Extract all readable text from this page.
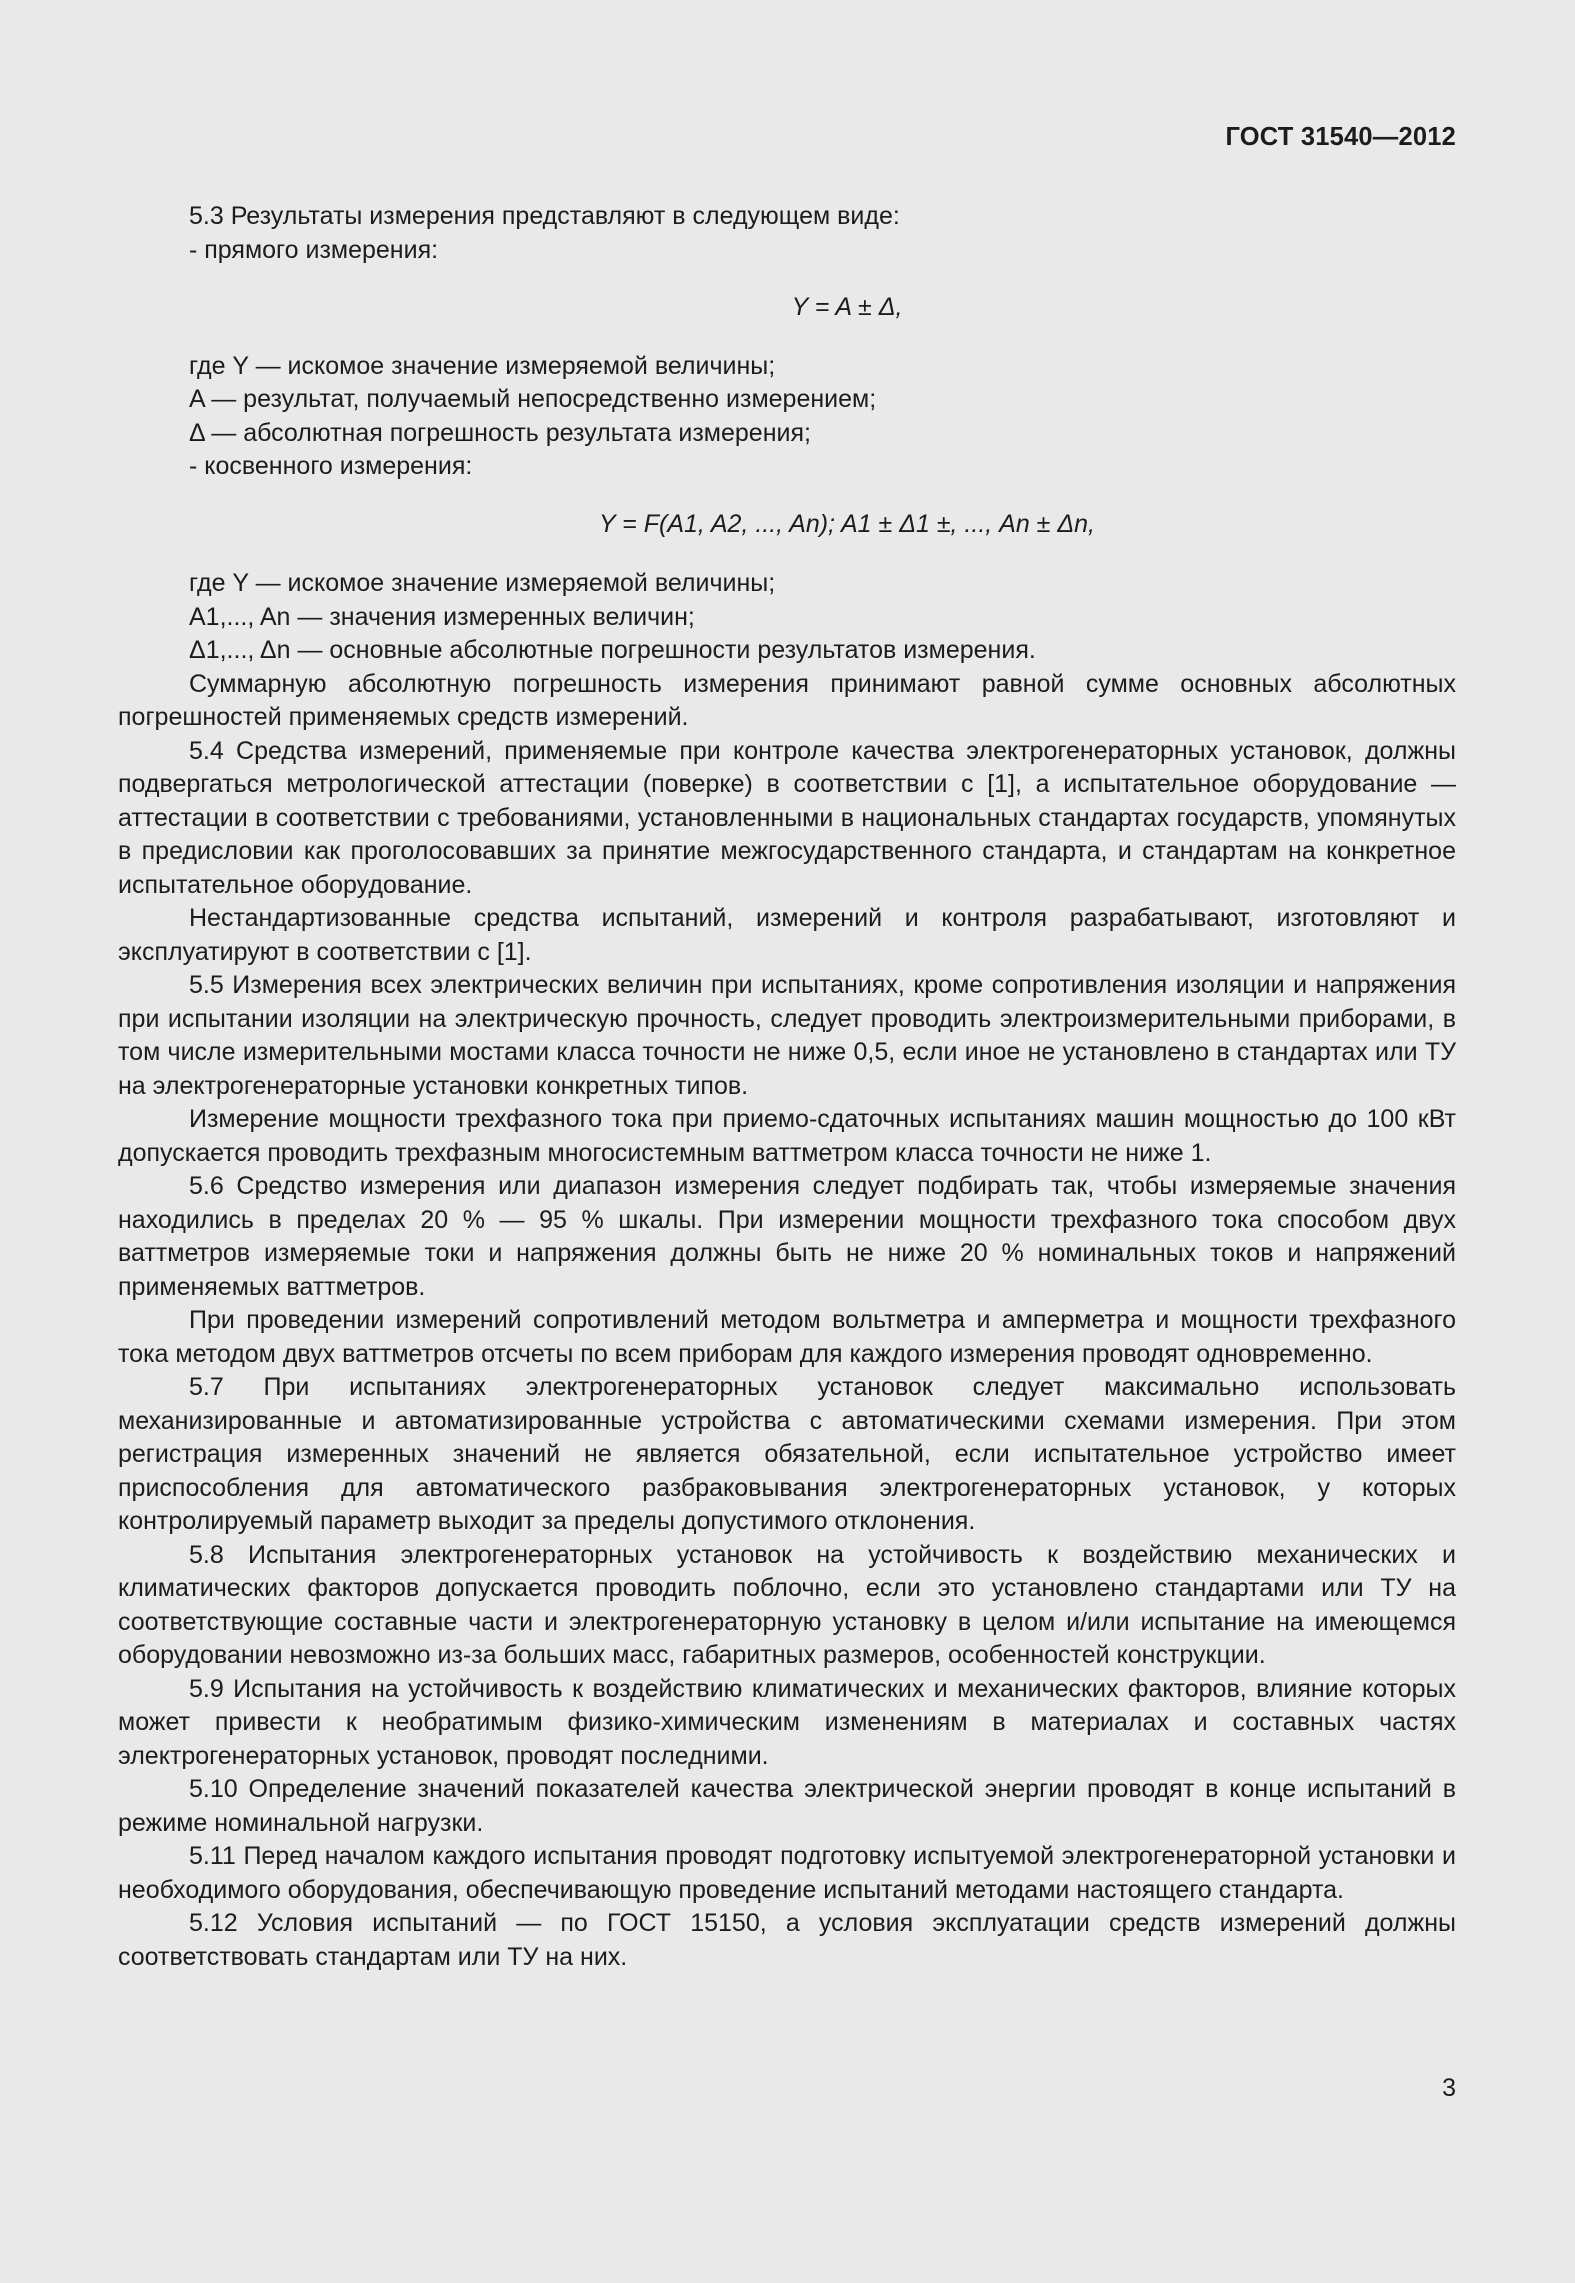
ГОСТ 31540—2012

5.3 Результаты измерения представляют в следующем виде:

- прямого измерения:

Y = A ± Δ,

где Y — искомое значение измеряемой величины;

A — результат, получаемый непосредственно измерением;

Δ — абсолютная погрешность результата измерения;

- косвенного измерения:

Y = F(A1, A2, ..., An); A1 ± Δ1 ±, ..., An ± Δn,

где Y — искомое значение измеряемой величины;

A1,..., An — значения измеренных величин;

Δ1,..., Δn — основные абсолютные погрешности результатов измерения.

Суммарную абсолютную погрешность измерения принимают равной сумме основных абсолютных погрешностей применяемых средств измерений.

5.4 Средства измерений, применяемые при контроле качества электрогенераторных установок, должны подвергаться метрологической аттестации (поверке) в соответствии с [1], а испытательное оборудование — аттестации в соответствии с требованиями, установленными в национальных стандартах государств, упомянутых в предисловии как проголосовавших за принятие межгосударственного стандарта, и стандартам на конкретное испытательное оборудование.

Нестандартизованные средства испытаний, измерений и контроля разрабатывают, изготовляют и эксплуатируют в соответствии с [1].

5.5 Измерения всех электрических величин при испытаниях, кроме сопротивления изоляции и напряжения при испытании изоляции на электрическую прочность, следует проводить электроизмерительными приборами, в том числе измерительными мостами класса точности не ниже 0,5, если иное не установлено в стандартах или ТУ на электрогенераторные установки конкретных типов.

Измерение мощности трехфазного тока при приемо-сдаточных испытаниях машин мощностью до 100 кВт допускается проводить трехфазным многосистемным ваттметром класса точности не ниже 1.

5.6 Средство измерения или диапазон измерения следует подбирать так, чтобы измеряемые значения находились в пределах 20 % — 95 % шкалы. При измерении мощности трехфазного тока способом двух ваттметров измеряемые токи и напряжения должны быть не ниже 20 % номинальных токов и напряжений применяемых ваттметров.

При проведении измерений сопротивлений методом вольтметра и амперметра и мощности трехфазного тока методом двух ваттметров отсчеты по всем приборам для каждого измерения проводят одновременно.

5.7 При испытаниях электрогенераторных установок следует максимально использовать механизированные и автоматизированные устройства с автоматическими схемами измерения. При этом регистрация измеренных значений не является обязательной, если испытательное устройство имеет приспособления для автоматического разбраковывания электрогенераторных установок, у которых контролируемый параметр выходит за пределы допустимого отклонения.

5.8 Испытания электрогенераторных установок на устойчивость к воздействию механических и климатических факторов допускается проводить поблочно, если это установлено стандартами или ТУ на соответствующие составные части и электрогенераторную установку в целом и/или испытание на имеющемся оборудовании невозможно из-за больших масс, габаритных размеров, особенностей конструкции.

5.9 Испытания на устойчивость к воздействию климатических и механических факторов, влияние которых может привести к необратимым физико-химическим изменениям в материалах и составных частях электрогенераторных установок, проводят последними.

5.10 Определение значений показателей качества электрической энергии проводят в конце испытаний в режиме номинальной нагрузки.

5.11 Перед началом каждого испытания проводят подготовку испытуемой электрогенераторной установки и необходимого оборудования, обеспечивающую проведение испытаний методами настоящего стандарта.

5.12 Условия испытаний — по ГОСТ 15150, а условия эксплуатации средств измерений должны соответствовать стандартам или ТУ на них.

3
